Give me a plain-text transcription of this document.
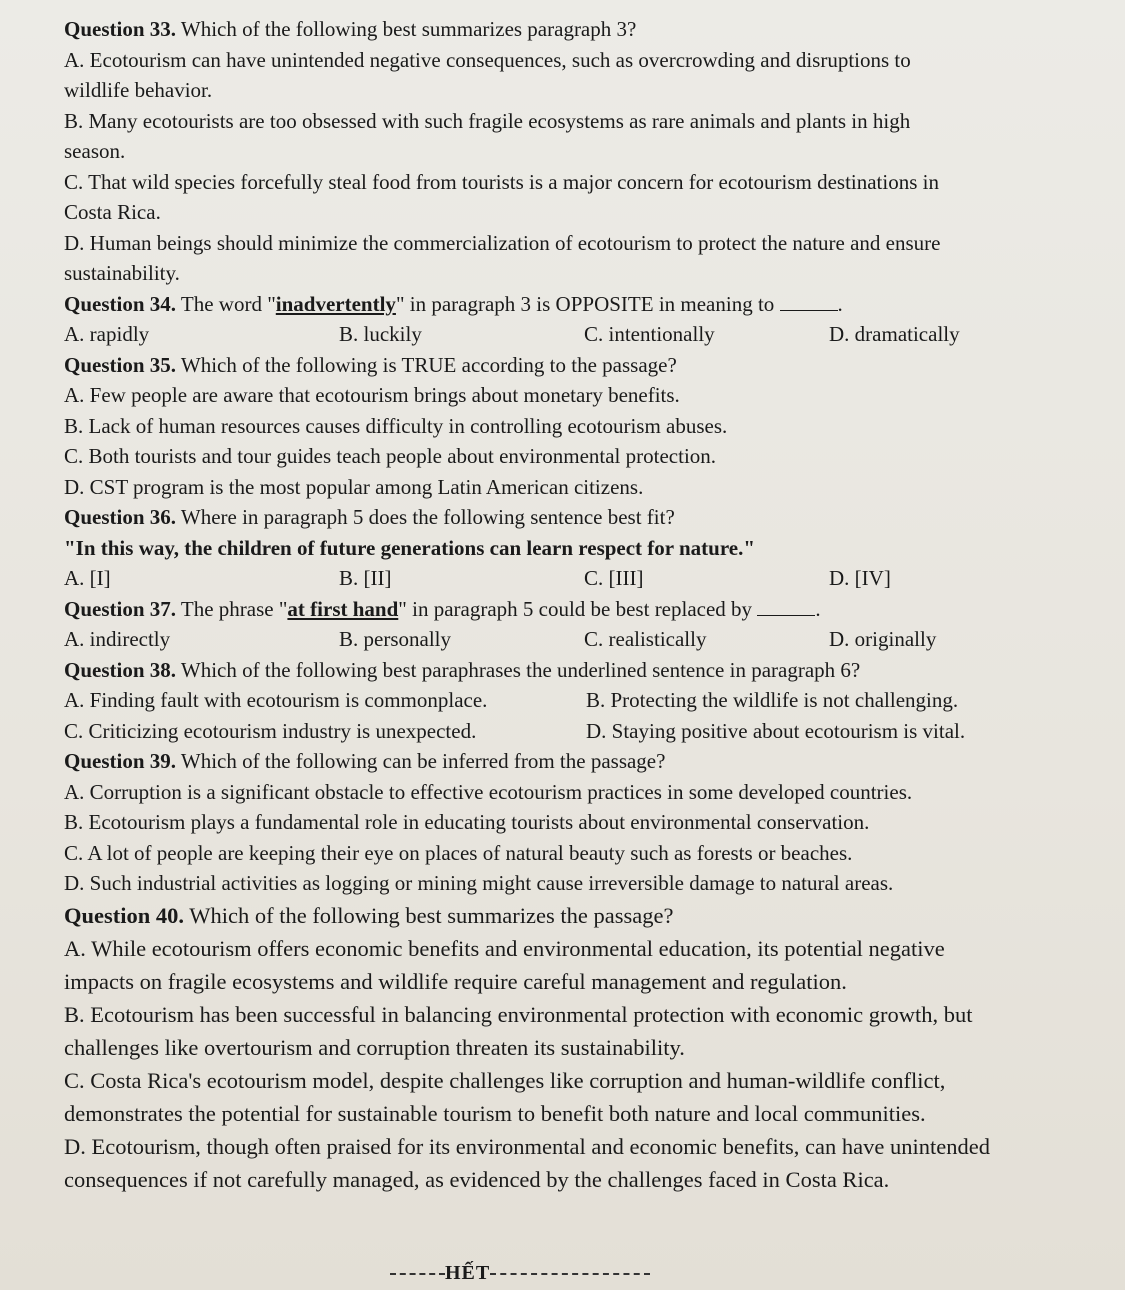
Question 33. Which of the following best summarizes paragraph 3?
A. Ecotourism can have unintended negative consequences, such as overcrowding and disruptions to
wildlife behavior.
B. Many ecotourists are too obsessed with such fragile ecosystems as rare animals and plants in high
season.
C. That wild species forcefully steal food from tourists is a major concern for ecotourism destinations in
Costa Rica.
D. Human beings should minimize the commercialization of ecotourism to protect the nature and ensure
sustainability.
Question 34. The word "inadvertently" in paragraph 3 is OPPOSITE in meaning to	.
A. rapidly	B. luckily	C. intentionally	D. dramatically
Question 35. Which of the following is TRUE according to the passage?
A. Few people are aware that ecotourism brings about monetary benefits.
B. Lack of human resources causes difficulty in controlling ecotourism abuses.
C. Both tourists and tour guides teach people about environmental protection.
D. CST program is the most popular among Latin American citizens.
Question 36. Where in paragraph 5 does the following sentence best fit?
"In this way, the children of future generations can learn respect for nature."
A. [I]	B. [II]	C. [III]	D. [IV]
Question 37. The phrase "at first hand" in paragraph 5 could be best replaced by	.
A. indirectly	B. personally	C. realistically	D. originally
Question 38. Which of the following best paraphrases the underlined sentence in paragraph 6?
A. Finding fault with ecotourism is commonplace.	B. Protecting the wildlife is not challenging.
C. Criticizing ecotourism industry is unexpected.	D. Staying positive about ecotourism is vital.
Question 39. Which of the following can be inferred from the passage?
A. Corruption is a significant obstacle to effective ecotourism practices in some developed countries.
B. Ecotourism plays a fundamental role in educating tourists about environmental conservation.
C. A lot of people are keeping their eye on places of natural beauty such as forests or beaches.
D. Such industrial activities as logging or mining might cause irreversible damage to natural areas.
Question 40. Which of the following best summarizes the passage?
A. While ecotourism offers economic benefits and environmental education, its potential negative
impacts on fragile ecosystems and wildlife require careful management and regulation.
B. Ecotourism has been successful in balancing environmental protection with economic growth, but
challenges like overtourism and corruption threaten its sustainability.
C. Costa Rica's ecotourism model, despite challenges like corruption and human-wildlife conflict,
demonstrates the potential for sustainable tourism to benefit both nature and local communities.
D. Ecotourism, though often praised for its environmental and economic benefits, can have unintended
consequences if not carefully managed, as evidenced by the challenges faced in Costa Rica.
HẾT
